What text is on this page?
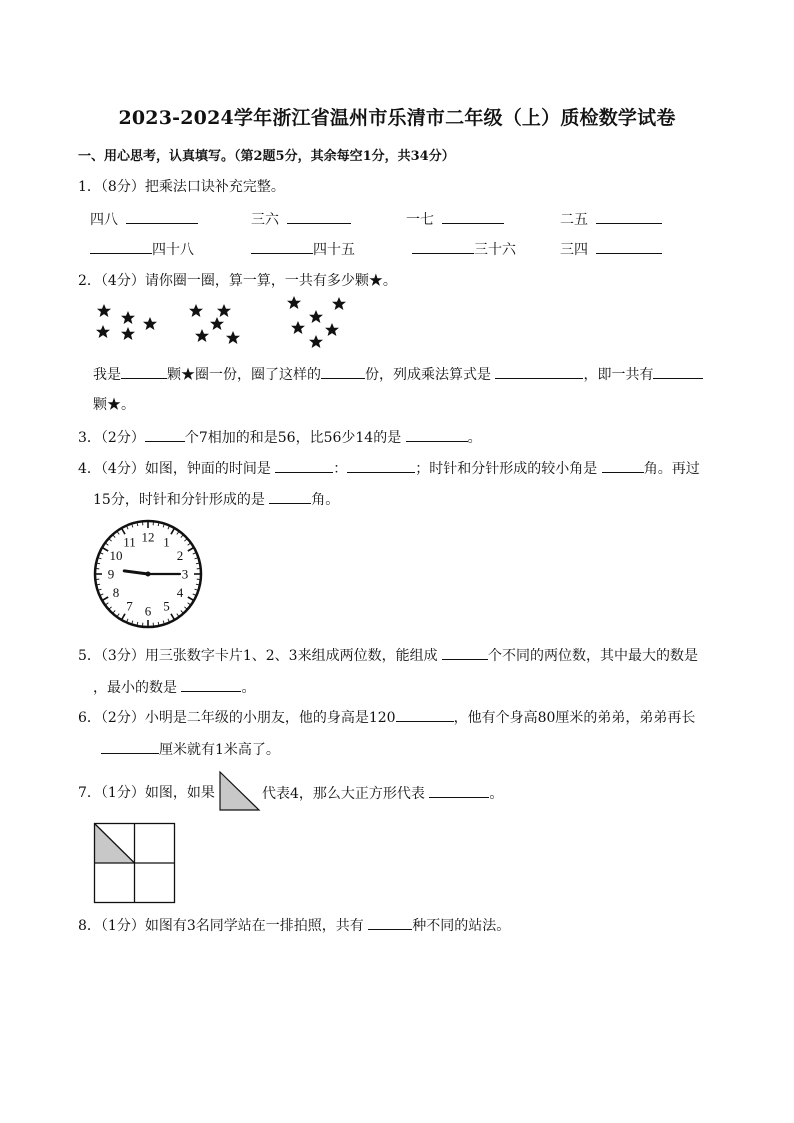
2023-2024学年浙江省温州市乐清市二年级（上）质检数学试卷
一、用心思考，认真填写。（第2题5分，其余每空1分，共34分）
1．（8分）把乘法口诀补充完整。
四八	三六	一七	二五
四十八	四十五	三十六	三四
2．（4分）请你圈一圈，算一算，一共有多少颗★。
我是	颗★圈一份，圈了这样的	份，列成乘法算式是	，即一共有
颗★。
3．（2分）	个7相加的和是56，比56少14的是	。
4．（4分）如图，钟面的时间是	：	；时针和分针形成的较小角是	角。再过
15分，时针和分针形成的是	角。
12 1
2
3
4
5
6
7
8
9
10
11
5．（3分）用三张数字卡片1、2、3来组成两位数，能组成	个不同的两位数，其中最大的数是
，最小的数是	。
6．（2分）小明是二年级的小朋友，他的身高是120	，他有个身高80厘米的弟弟，弟弟再长
厘米就有1米高了。
7．（1分）如图，如果	代表4，那么大正方形代表	。
8．（1分）如图有3名同学站在一排拍照，共有	种不同的站法。
